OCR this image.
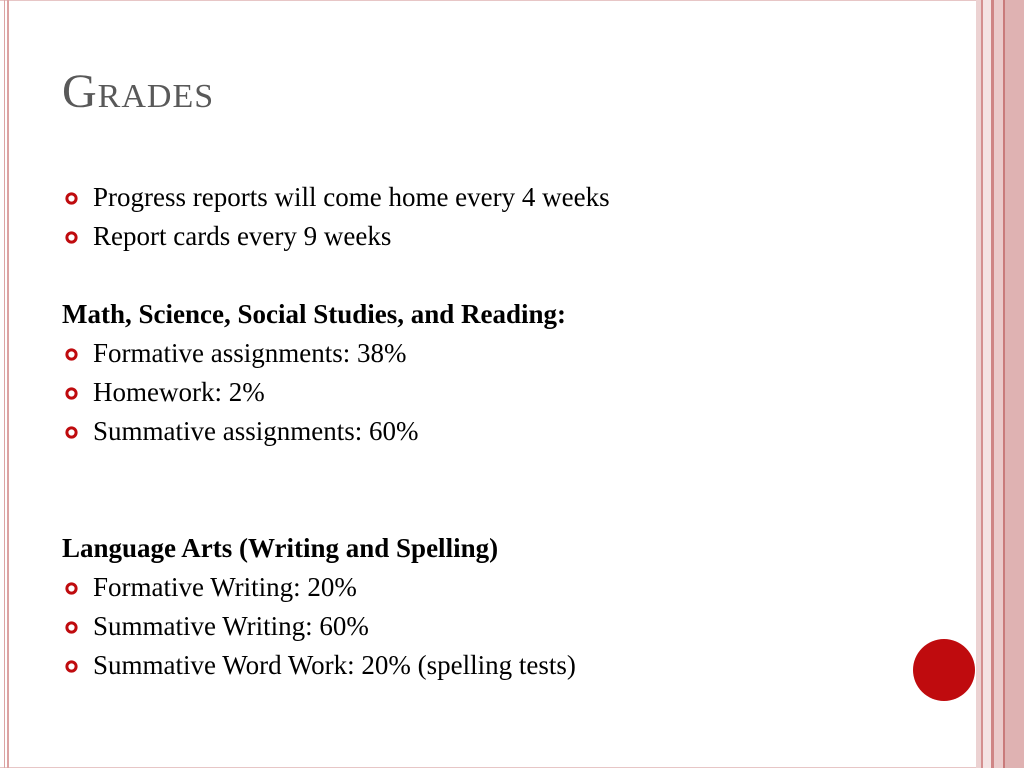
Grades
Progress reports will come home every 4 weeks
Report cards every 9 weeks
Math, Science, Social Studies, and Reading:
Formative assignments: 38%
Homework: 2%
Summative assignments: 60%
Language Arts (Writing and Spelling)
Formative Writing: 20%
Summative Writing: 60%
Summative Word Work: 20% (spelling tests)
